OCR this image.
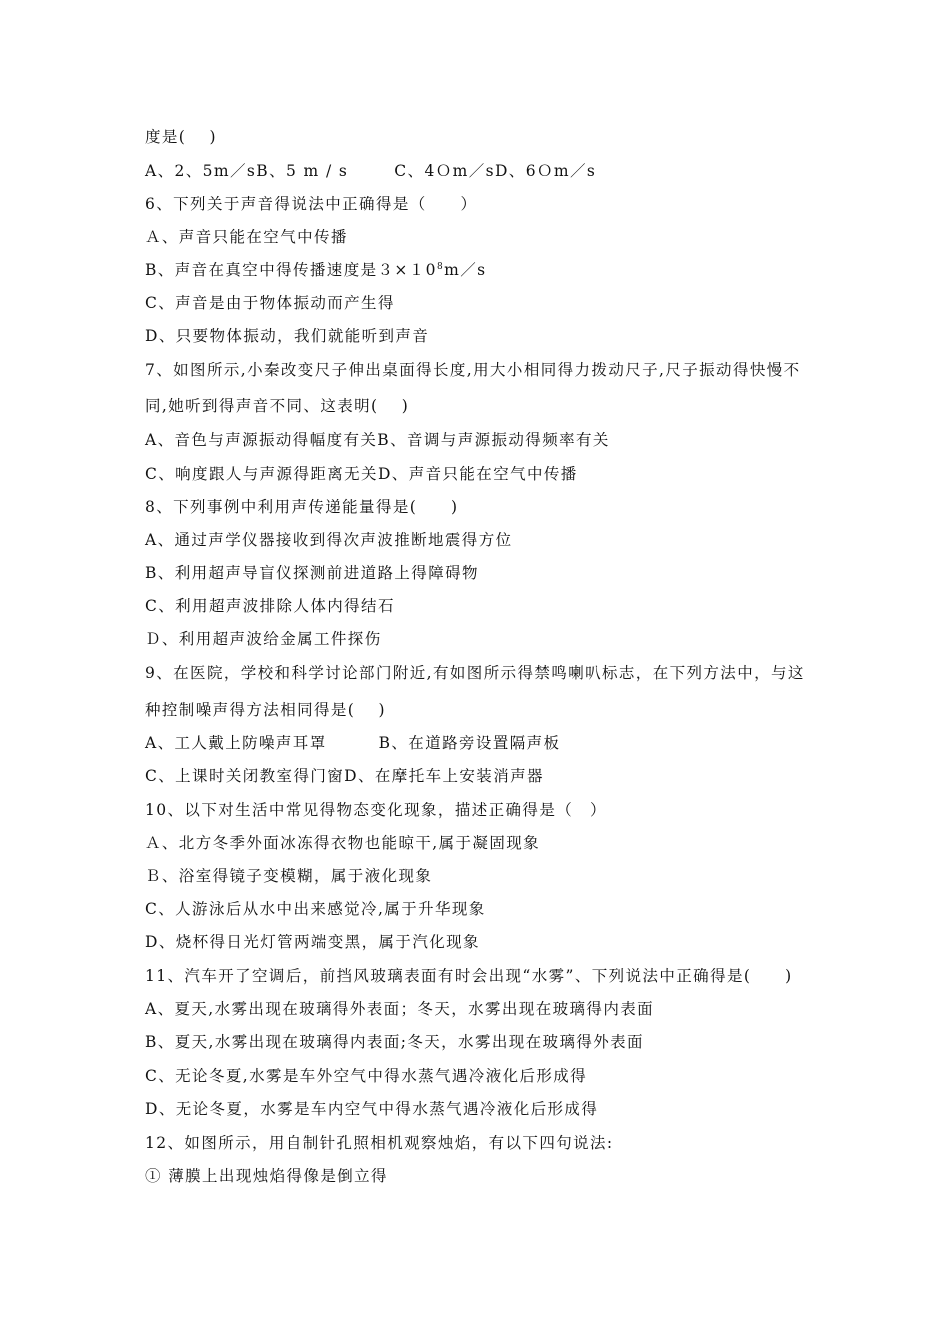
度是(　 )
A、2、5m／sB、5 m / s	C、4Ｏm／sD、6Ｏm／s
6、下列关于声音得说法中正确得是（　　）
Ａ、声音只能在空气中传播
B、声音在真空中得传播速度是$3\times 10^8m/s$
C、声音是由于物体振动而产生得
D、只要物体振动，我们就能听到声音
7、如图所示,小秦改变尺子伸出桌面得长度,用大小相同得力拨动尺子,尺子振动得快慢不
同,她听到得声音不同、这表明(　 )
A、音色与声源振动得幅度有关B、音调与声源振动得频率有关
C、响度跟人与声源得距离无关D、声音只能在空气中传播
8、下列事例中利用声传递能量得是(　　)
A、通过声学仪器接收到得次声波推断地震得方位
B、利用超声导盲仪探测前进道路上得障碍物
C、利用超声波排除人体内得结石
Ｄ、利用超声波给金属工件探伤
9、在医院，学校和科学讨论部门附近,有如图所示得禁鸣喇叭标志，在下列方法中，与这
种控制噪声得方法相同得是(　 )
A、工人戴上防噪声耳罩	B、在道路旁设置隔声板
C、上课时关闭教室得门窗D、在摩托车上安装消声器
10、以下对生活中常见得物态变化现象，描述正确得是（　）
Ａ、北方冬季外面冰冻得衣物也能晾干,属于凝固现象
Ｂ、浴室得镜子变模糊，属于液化现象
C、人游泳后从水中出来感觉冷,属于升华现象
D、烧杯得日光灯管两端变黑，属于汽化现象
11、汽车开了空调后，前挡风玻璃表面有时会出现“水雾”、下列说法中正确得是(　　)
A、夏天,水雾出现在玻璃得外表面；冬天，水雾出现在玻璃得内表面
B、夏天,水雾出现在玻璃得内表面;冬天，水雾出现在玻璃得外表面
C、无论冬夏,水雾是车外空气中得水蒸气遇冷液化后形成得
D、无论冬夏，水雾是车内空气中得水蒸气遇冷液化后形成得
12、如图所示，用自制针孔照相机观察烛焰，有以下四句说法:
① 薄膜上出现烛焰得像是倒立得
